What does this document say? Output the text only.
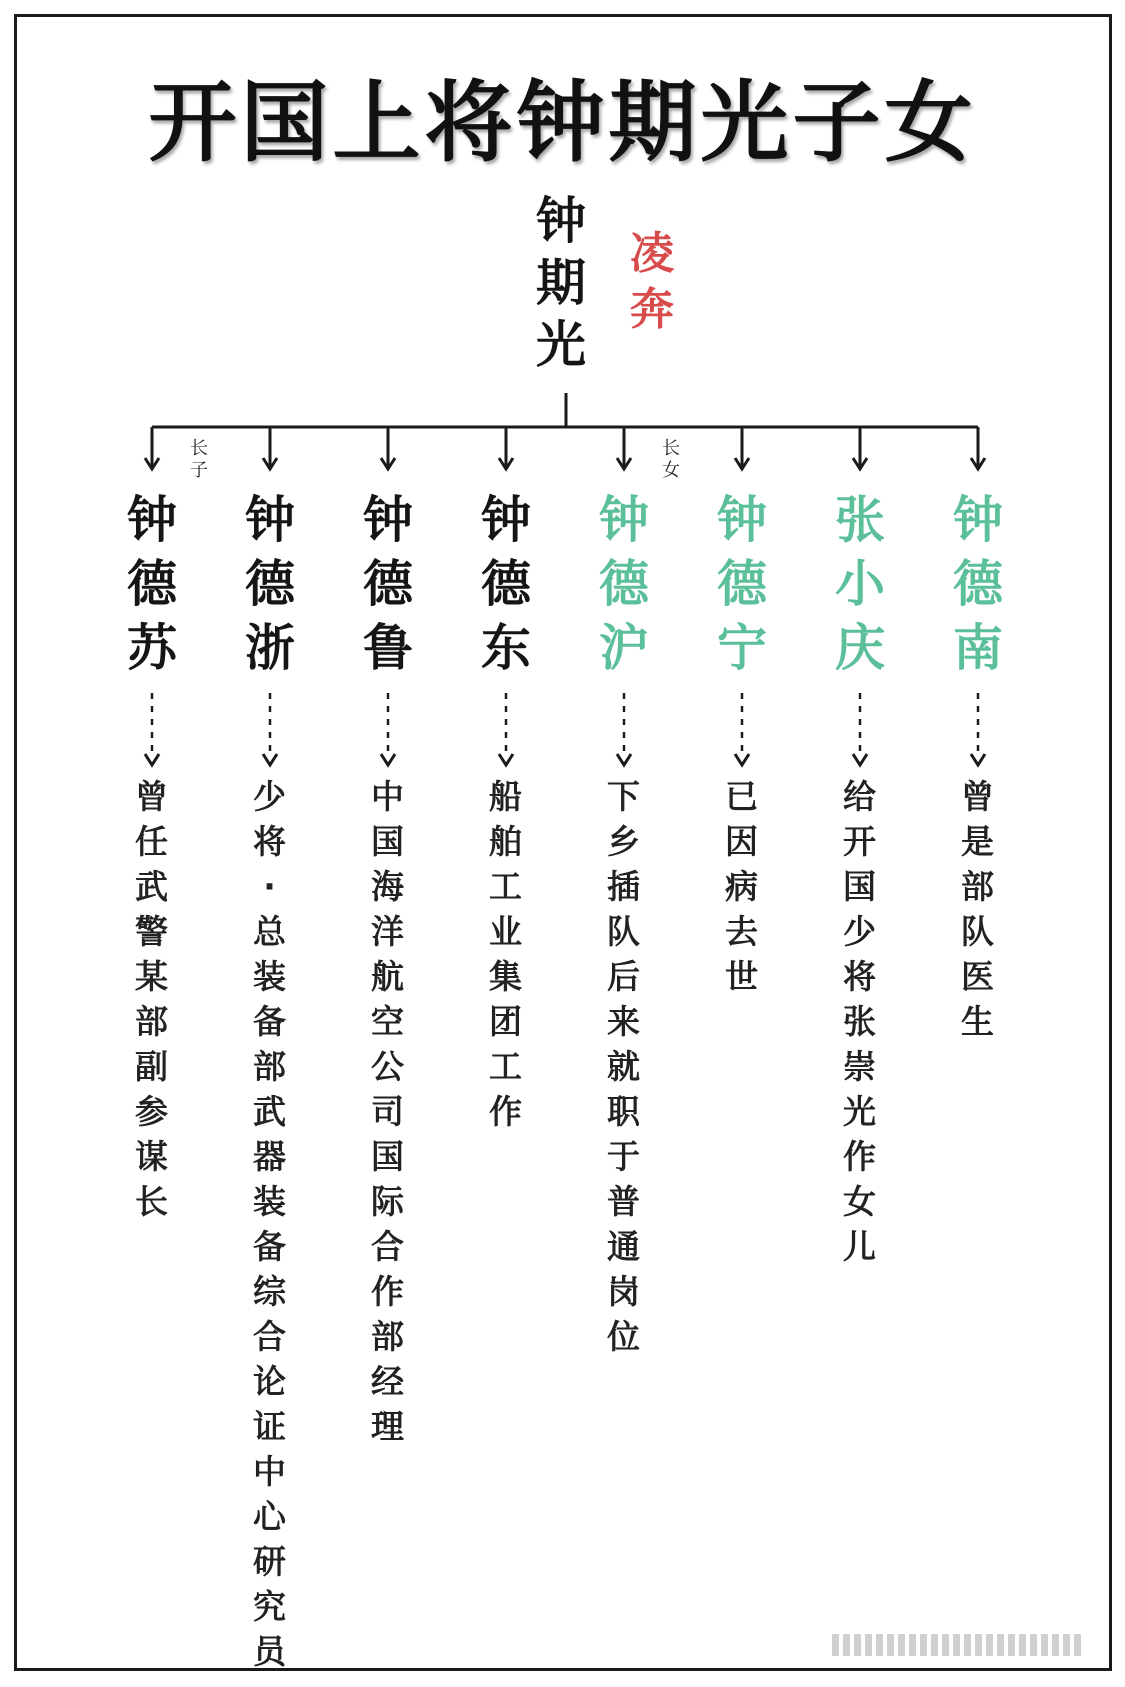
开国上将钟期光子女
钟
期
光
凌
奔
钟
德
苏
长
子
曾
任
武
警
某
部
副
参
谋
长
钟
德
浙
少
将
·
总
装
备
部
武
器
装
备
综
合
论
证
中
心
研
究
员
钟
德
鲁
中
国
海
洋
航
空
公
司
国
际
合
作
部
经
理
钟
德
东
船
舶
工
业
集
团
工
作
钟
德
沪
长
女
下
乡
插
队
后
来
就
职
于
普
通
岗
位
钟
德
宁
已
因
病
去
世
张
小
庆
给
开
国
少
将
张
崇
光
作
女
儿
钟
德
南
曾
是
部
队
医
生
